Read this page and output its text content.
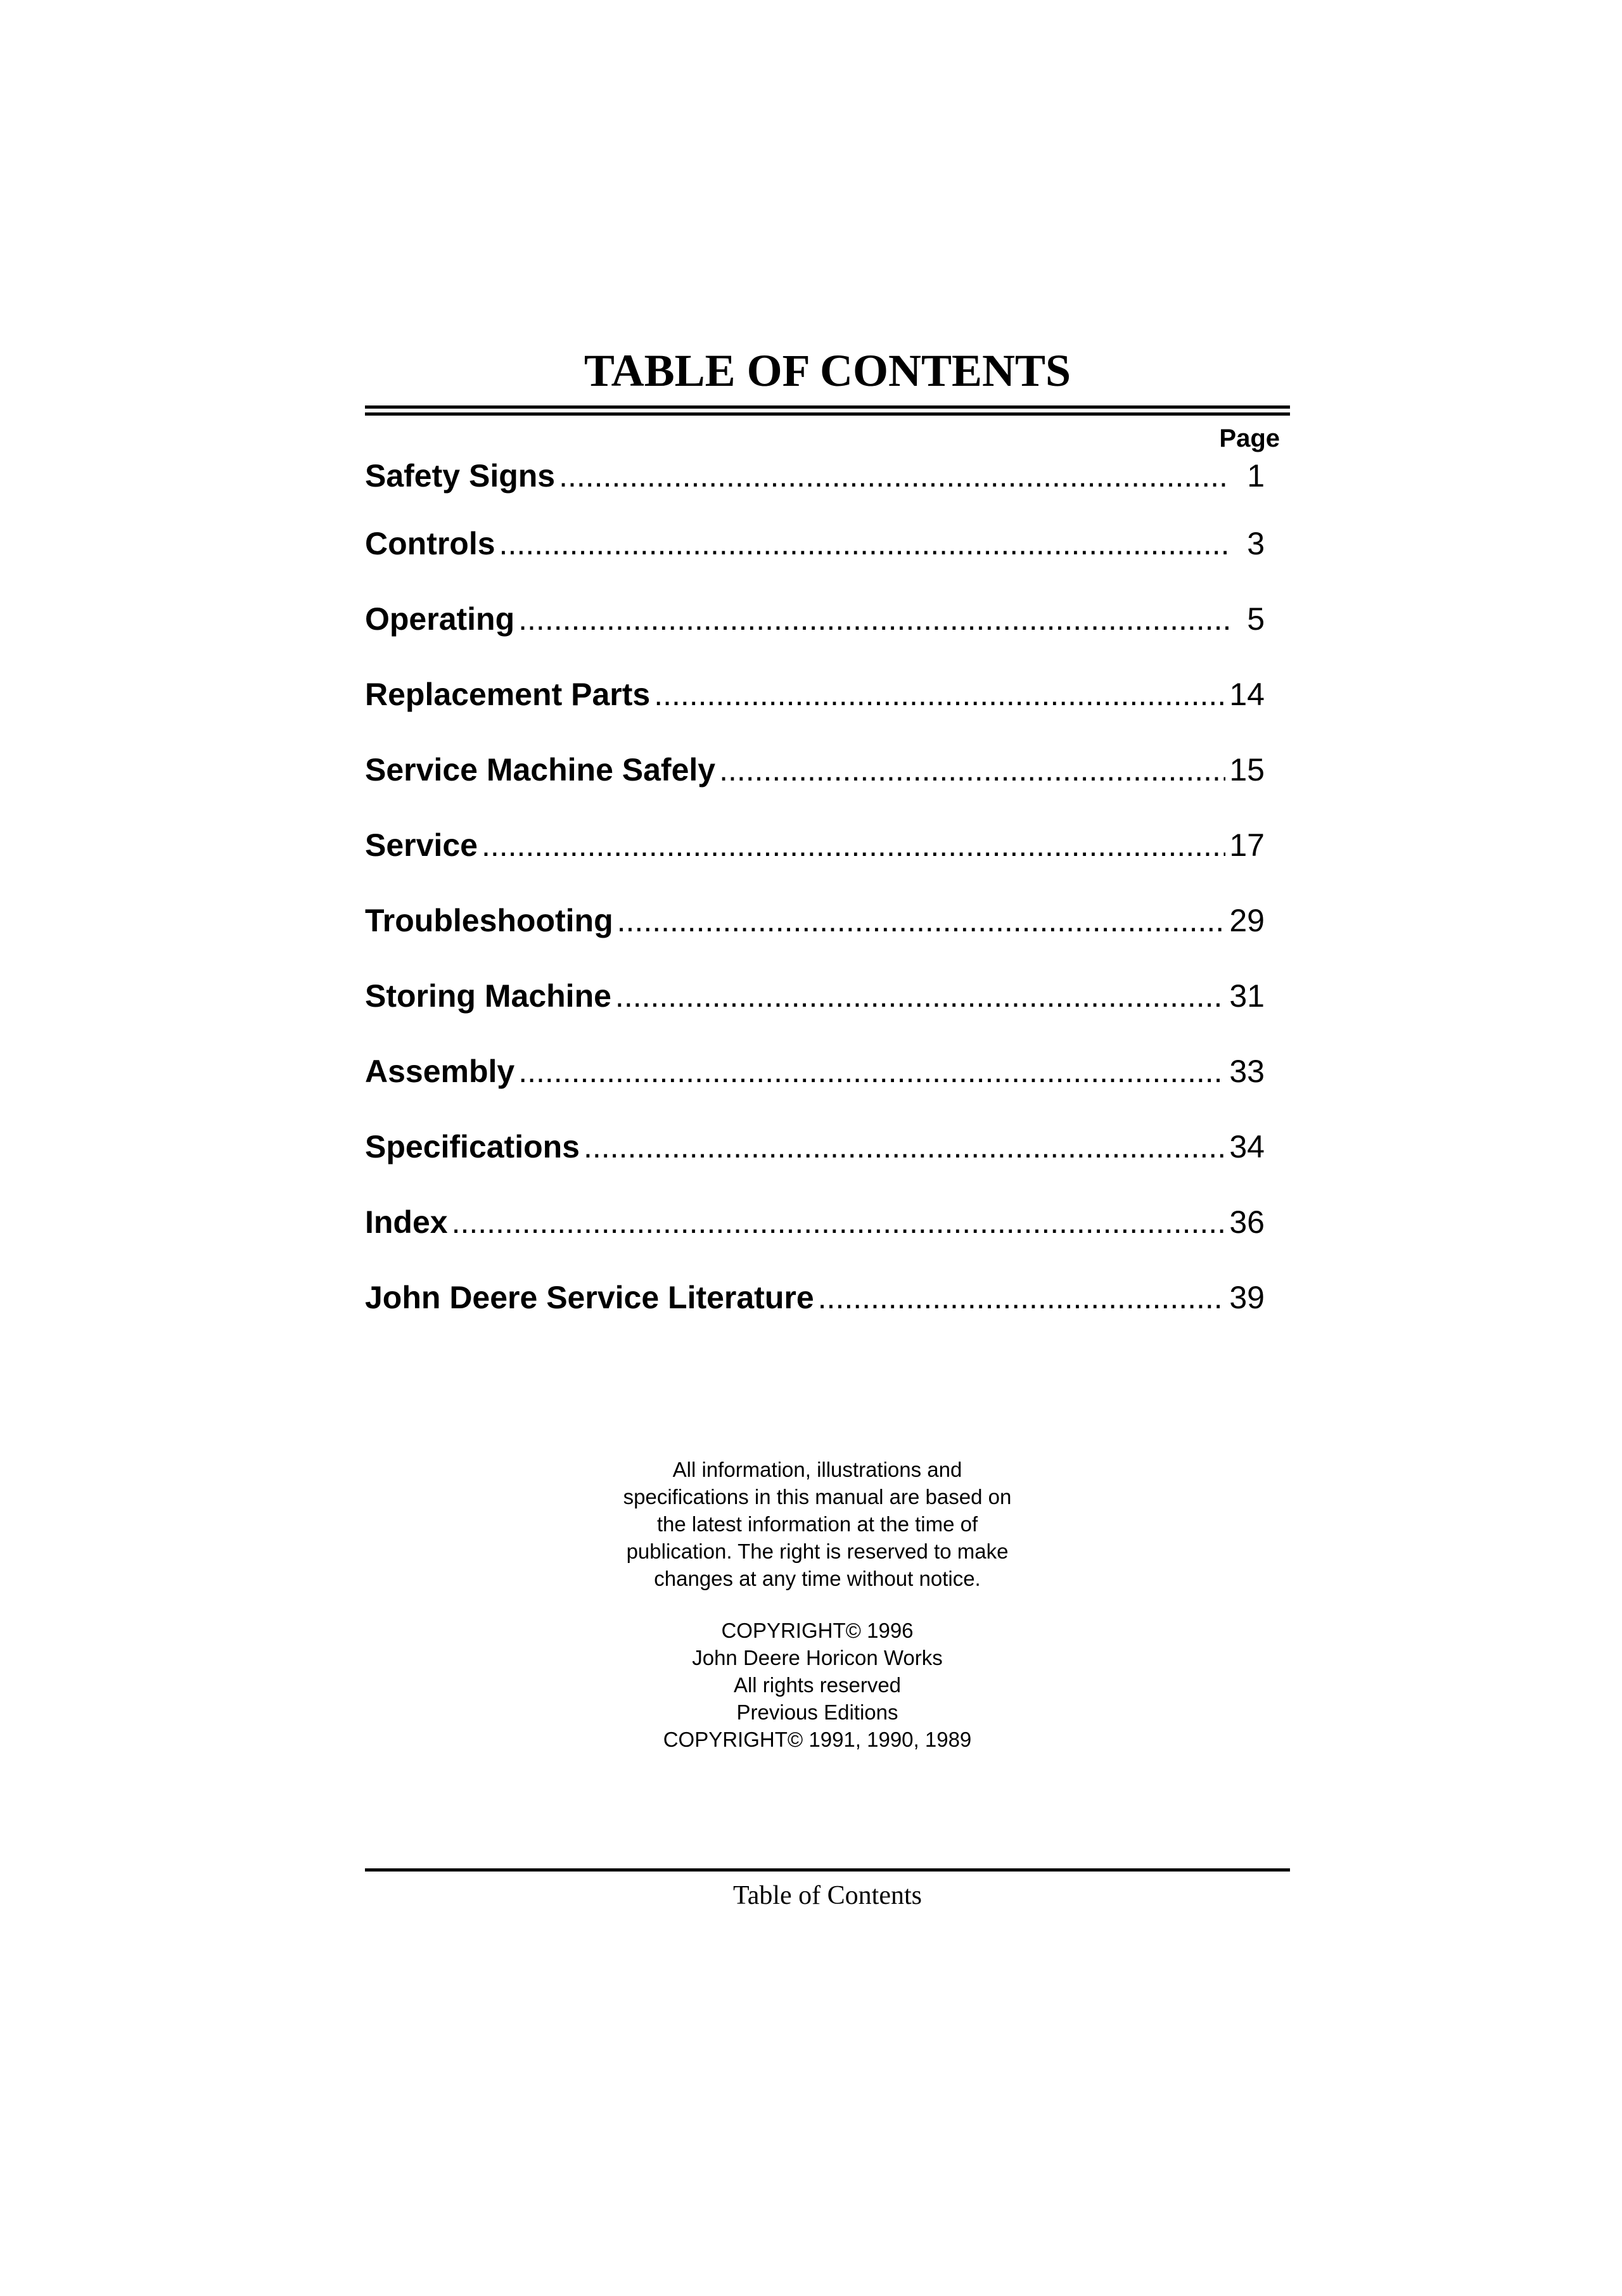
TABLE OF CONTENTS
Page
Safety Signs .....	1
Controls .....	3
Operating .....	5
Replacement Parts .....	14
Service Machine Safely .....	15
Service .....	17
Troubleshooting .....	29
Storing Machine .....	31
Assembly .....	33
Specifications .....	34
Index .....	36
John Deere Service Literature .....	39

All information, illustrations and

specifications in this manual are based on

the latest information at the time of

publication. The right is reserved to make

changes at any time without notice.

COPYRIGHT© 1996

John Deere Horicon Works

All rights reserved

Previous Editions

COPYRIGHT© 1991, 1990, 1989

Table of Contents
